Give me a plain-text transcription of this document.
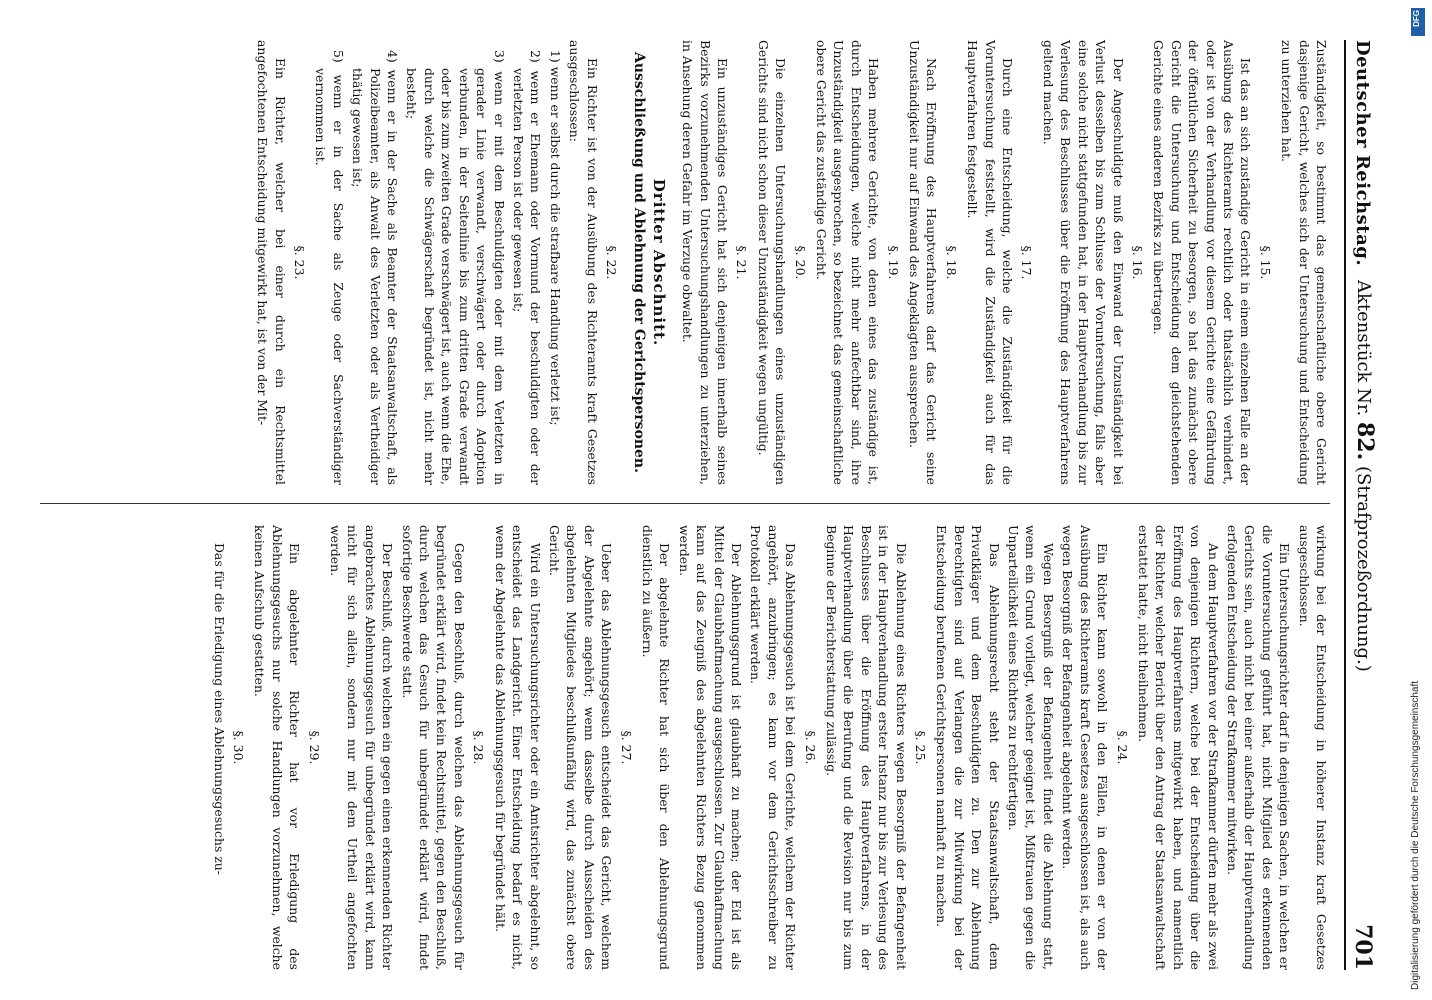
Deutscher Reichstag.
Aktenstück Nr. 82. (Strafprozeßordnung.)
701
Zuständigkeit, so bestimmt das gemeinschaftliche obere Gericht dasjenige Gericht, welches sich der Untersuchung und Entscheidung zu unterziehen hat.
§. 15.
Ist das an sich zuständige Gericht in einem einzelnen Falle an der Ausübung des Richteramts rechtlich oder thatsächlich verhindert, oder ist von der Verhandlung vor diesem Gerichte eine Gefährdung der öffentlichen Sicherheit zu besorgen, so hat das zunächst obere Gericht die Untersuchung und Entscheidung dem gleichstehenden Gerichte eines anderen Bezirks zu übertragen.
§. 16.
Der Angeschuldigte muß den Einwand der Unzuständigkeit bei Verlust desselben bis zum Schlusse der Voruntersuchung, falls aber eine solche nicht stattgefunden hat, in der Hauptverhandlung bis zur Verlesung des Beschlusses über die Eröffnung des Hauptverfahrens geltend machen.
§. 17.
Durch eine Entscheidung, welche die Zuständigkeit für die Voruntersuchung feststellt, wird die Zuständigkeit auch für das Hauptverfahren festgestellt.
§. 18.
Nach Eröffnung des Hauptverfahrens darf das Gericht seine Unzuständigkeit nur auf Einwand des Angeklagten aussprechen.
§. 19.
Haben mehrere Gerichte, von denen eines das zuständige ist, durch Entscheidungen, welche nicht mehr anfechtbar sind, ihre Unzuständigkeit ausgesprochen, so bezeichnet das gemeinschaftliche obere Gericht das zuständige Gericht.
§. 20.
Die einzelnen Untersuchungshandlungen eines unzuständigen Gerichts sind nicht schon dieser Unzuständigkeit wegen ungültig.
§. 21.
Ein unzuständiges Gericht hat sich denjenigen innerhalb seines Bezirks vorzunehmenden Untersuchungshandlungen zu unterziehen, in Ansehung deren Gefahr im Verzuge obwaltet.
Dritter Abschnitt.
Ausschließung und Ablehnung der Gerichtspersonen.
§. 22.
Ein Richter ist von der Ausübung des Richteramts kraft Gesetzes ausgeschlossen:
1) wenn er selbst durch die strafbare Handlung verletzt ist;
2) wenn er Ehemann oder Vormund der beschuldigten oder der verletzten Person ist oder gewesen ist;
3) wenn er mit dem Beschuldigten oder mit dem Verletzten in gerader Linie verwandt, verschwägert oder durch Adoption verbunden, in der Seitenlinie bis zum dritten Grade verwandt oder bis zum zweiten Grade verschwägert ist, auch wenn die Ehe, durch welche die Schwägerschaft begründet ist, nicht mehr besteht;
4) wenn er in der Sache als Beamter der Staatsanwaltschaft, als Polizeibeamter, als Anwalt des Verletzten oder als Vertheidiger thätig gewesen ist;
5) wenn er in der Sache als Zeuge oder Sachverständiger vernommen ist.
§. 23.
Ein Richter, welcher bei einer durch ein Rechtsmittel angefochtenen Entscheidung mitgewirkt hat, ist von der Mit-
wirkung bei der Entscheidung in höherer Instanz kraft Gesetzes ausgeschlossen.
Ein Untersuchungsrichter darf in denjenigen Sachen, in welchen er die Voruntersuchung geführt hat, nicht Mitglied des erkennenden Gerichts sein, auch nicht bei einer außerhalb der Hauptverhandlung erfolgenden Entscheidung der Strafkammer mitwirken.
An dem Hauptverfahren vor der Strafkammer dürfen mehr als zwei von denjenigen Richtern, welche bei der Entscheidung über die Eröffnung des Hauptverfahrens mitgewirkt haben, und namentlich der Richter, welcher Bericht über den Antrag der Staatsanwaltschaft erstattet hatte, nicht theilnehmen.
§. 24.
Ein Richter kann sowohl in den Fällen, in denen er von der Ausübung des Richteramts kraft Gesetzes ausgeschlossen ist, als auch wegen Besorgniß der Befangenheit abgelehnt werden.
Wegen Besorgniß der Befangenheit findet die Ablehnung statt, wenn ein Grund vorliegt, welcher geeignet ist, Mißtrauen gegen die Unparteilichkeit eines Richters zu rechtfertigen.
Das Ablehnungsrecht steht der Staatsanwaltschaft, dem Privatkläger und dem Beschuldigten zu. Den zur Ablehnung Berechtigten sind auf Verlangen die zur Mitwirkung bei der Entscheidung berufenen Gerichtspersonen namhaft zu machen.
§. 25.
Die Ablehnung eines Richters wegen Besorgniß der Befangenheit ist in der Hauptverhandlung erster Instanz nur bis zur Verlesung des Beschlusses über die Eröffnung des Hauptverfahrens, in der Hauptverhandlung über die Berufung und die Revision nur bis zum Beginne der Berichterstattung zulässig.
§. 26.
Das Ablehnungsgesuch ist bei dem Gerichte, welchem der Richter angehört, anzubringen; es kann vor dem Gerichtsschreiber zu Protokoll erklärt werden.
Der Ablehnungsgrund ist glaubhaft zu machen; der Eid ist als Mittel der Glaubhaftmachung ausgeschlossen. Zur Glaubhaftmachung kann auf das Zeugniß des abgelehnten Richters Bezug genommen werden.
Der abgelehnte Richter hat sich über den Ablehnungsgrund dienstlich zu äußern.
§. 27.
Ueber das Ablehnungsgesuch entscheidet das Gericht, welchem der Abgelehnte angehört; wenn dasselbe durch Ausscheiden des abgelehnten Mitgliedes beschlußunfähig wird, das zunächst obere Gericht.
Wird ein Untersuchungsrichter oder ein Amtsrichter abgelehnt, so entscheidet das Landgericht. Einer Entscheidung bedarf es nicht, wenn der Abgelehnte das Ablehnungsgesuch für begründet hält.
§. 28.
Gegen den Beschluß, durch welchen das Ablehnungsgesuch für begründet erklärt wird, findet kein Rechtsmittel, gegen den Beschluß, durch welchen das Gesuch für unbegründet erklärt wird, findet sofortige Beschwerde statt.
Der Beschluß, durch welchen ein gegen einen erkennenden Richter angebrachtes Ablehnungsgesuch für unbegründet erklärt wird, kann nicht für sich allein, sondern nur mit dem Urtheil angefochten werden.
§. 29.
Ein abgelehnter Richter hat vor Erledigung des Ablehnungsgesuchs nur solche Handlungen vorzunehmen, welche keinen Aufschub gestatten.
§. 30.
Das für die Erledigung eines Ablehnungsgesuchs zu-
DFG
Digitalisierung gefördert durch die Deutsche Forschungsgemeinschaft
